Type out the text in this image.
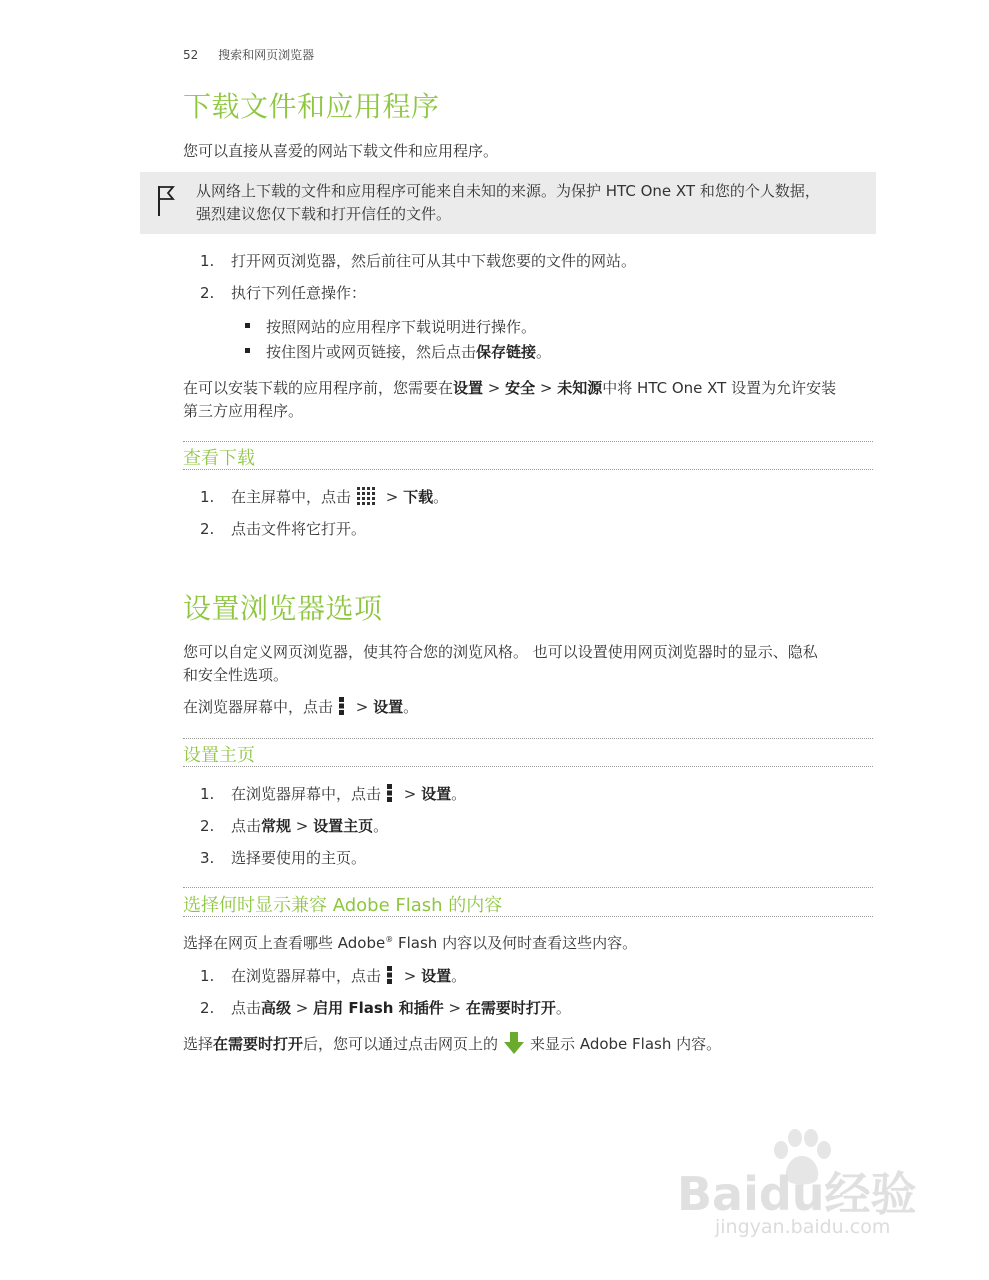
52 搜索和网页浏览器
下载文件和应用程序
您可以直接从喜爱的网站下载文件和应用程序。
从网络上下载的文件和应用程序可能来自未知的来源。为保护 HTC One XT 和您的个人数据，
强烈建议您仅下载和打开信任的文件。
1. 打开网页浏览器，然后前往可从其中下载您要的文件的网站。
2. 执行下列任意操作：
按照网站的应用程序下载说明进行操作。
按住图片或网页链接，然后点击保存链接。
在可以安装下载的应用程序前，您需要在设置 > 安全 > 未知源中将 HTC One XT 设置为允许安装
第三方应用程序。
查看下载
1. 在主屏幕中，点击 > 下载。
2. 点击文件将它打开。
设置浏览器选项
您可以自定义网页浏览器，使其符合您的浏览风格。 也可以设置使用网页浏览器时的显示、隐私
和安全性选项。
在浏览器屏幕中，点击 > 设置。
设置主页
1. 在浏览器屏幕中，点击 > 设置。
2. 点击常规 > 设置主页。
3. 选择要使用的主页。
选择何时显示兼容 Adobe Flash 的内容
选择在网页上查看哪些 Adobe® Flash 内容以及何时查看这些内容。
1. 在浏览器屏幕中，点击 > 设置。
2. 点击高级 > 启用 Flash 和插件 > 在需要时打开。
选择在需要时打开后，您可以通过点击网页上的 来显示 Adobe Flash 内容。
Baidu经验
jingyan.baidu.com
